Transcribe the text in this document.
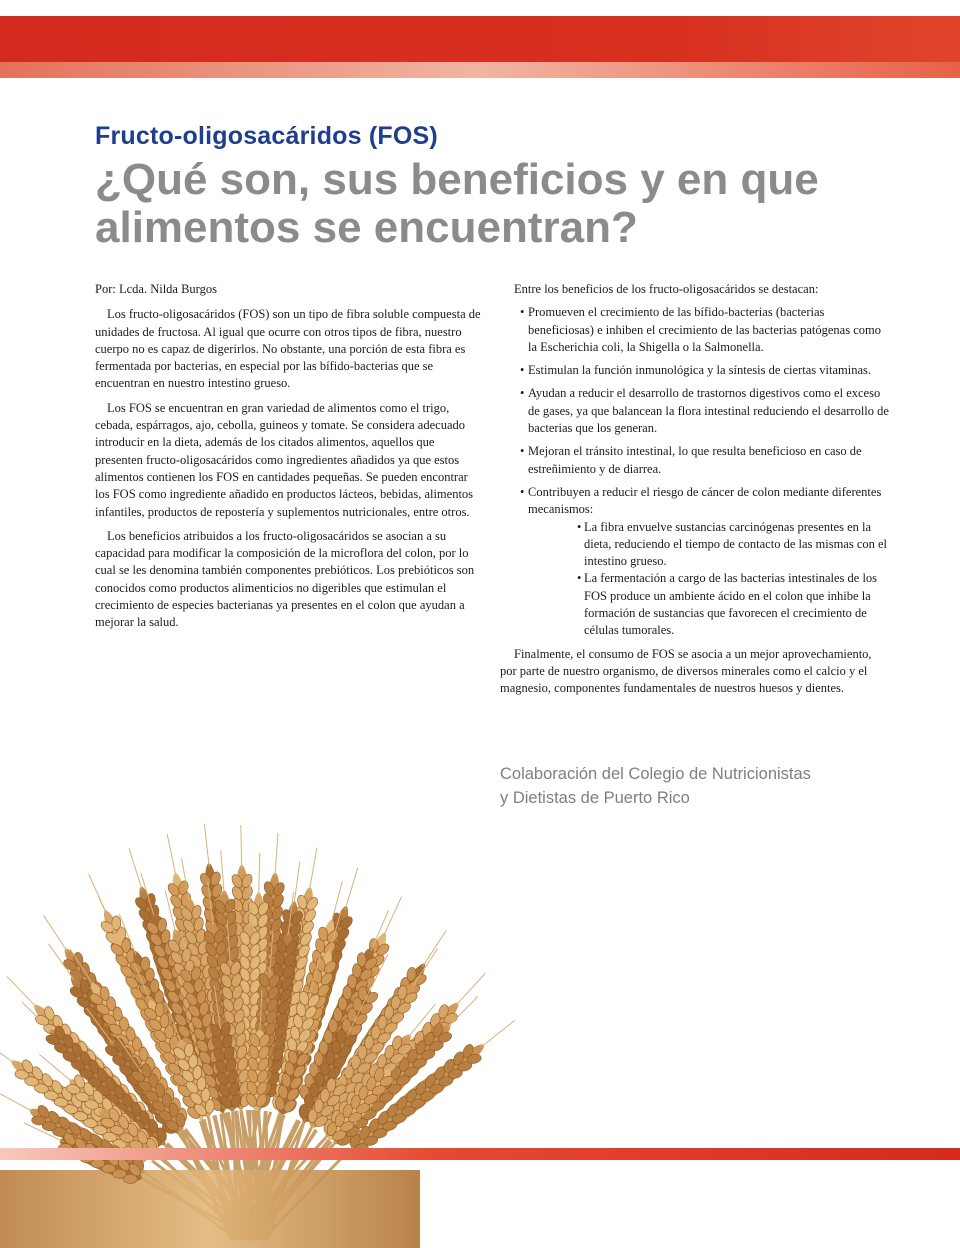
Fructo-oligosacáridos (FOS)
¿Qué son, sus beneficios y en que alimentos se encuentran?

Por: Lcda. Nilda Burgos

Los fructo-oligosacáridos (FOS) son un tipo de fibra soluble compuesta de unidades de fructosa. Al igual que ocurre con otros tipos de fibra, nuestro cuerpo no es capaz de digerirlos. No obstante, una porción de esta fibra es fermentada por bacterias, en especial por las bífido-bacterias que se encuentran en nuestro intestino grueso.

Los FOS se encuentran en gran variedad de alimentos como el trigo, cebada, espárragos, ajo, cebolla, guineos y tomate. Se considera adecuado introducir en la dieta, además de los citados alimentos, aquellos que presenten fructo-oligosacáridos como ingredientes añadidos ya que estos alimentos contienen los FOS en cantidades pequeñas. Se pueden encontrar los FOS como ingrediente añadido en productos lácteos, bebidas, alimentos infantiles, productos de repostería y suplementos nutricionales, entre otros.

Los beneficios atribuidos a los fructo-oligosacáridos se asocian a su capacidad para modificar la composición de la microflora del colon, por lo cual se les denomina también componentes prebióticos. Los prebióticos son conocidos como productos alimenticios no digeribles que estimulan el crecimiento de especies bacterianas ya presentes en el colon que ayudan a mejorar la salud.

Entre los beneficios de los fructo-oligosacáridos se destacan:

• Promueven el crecimiento de las bífido-bacterias (bacterias beneficiosas) e inhiben el crecimiento de las bacterias patógenas como la Escherichia coli, la Shigella o la Salmonella.
• Estimulan la función inmunológica y la síntesis de ciertas vitaminas.
• Ayudan a reducir el desarrollo de trastornos digestivos como el exceso de gases, ya que balancean la flora intestinal reduciendo el desarrollo de bacterias que los generan.
• Mejoran el tránsito intestinal, lo que resulta beneficioso en caso de estreñimiento y de diarrea.
• Contribuyen a reducir el riesgo de cáncer de colon mediante diferentes mecanismos:
• La fibra envuelve sustancias carcinógenas presentes en la dieta, reduciendo el tiempo de contacto de las mismas con el intestino grueso.
• La fermentación a cargo de las bacterias intestinales de los FOS produce un ambiente ácido en el colon que inhibe la formación de sustancias que favorecen el crecimiento de células tumorales.

Finalmente, el consumo de FOS se asocia a un mejor aprovechamiento, por parte de nuestro organismo, de diversos minerales como el calcio y el magnesio, componentes fundamentales de nuestros huesos y dientes.

Colaboración del Colegio de Nutricionistas
y Dietistas de Puerto Rico
